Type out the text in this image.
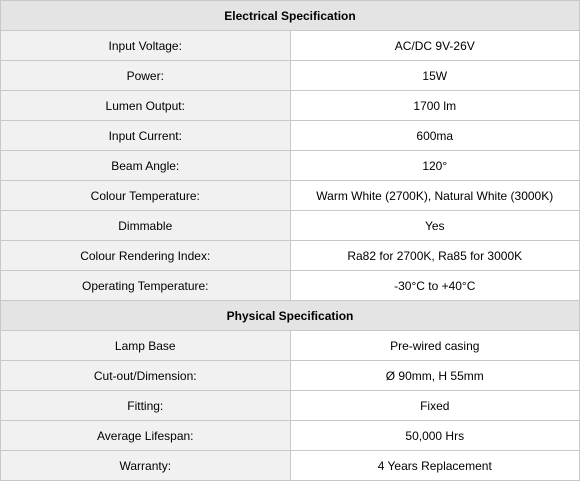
Electrical Specification	
Input Voltage:	AC/DC 9V-26V
Power:	15W
Lumen Output:	1700 lm
Input Current:	600ma
Beam Angle:	120°
Colour Temperature:	Warm White (2700K), Natural White (3000K)
Dimmable	Yes
Colour Rendering Index:	Ra82 for 2700K, Ra85 for 3000K
Operating Temperature:	-30°C to +40°C
Physical Specification	
Lamp Base	Pre-wired casing
Cut-out/Dimension:	Ø 90mm, H 55mm
Fitting:	Fixed
Average Lifespan:	50,000 Hrs
Warranty:	4 Years Replacement
